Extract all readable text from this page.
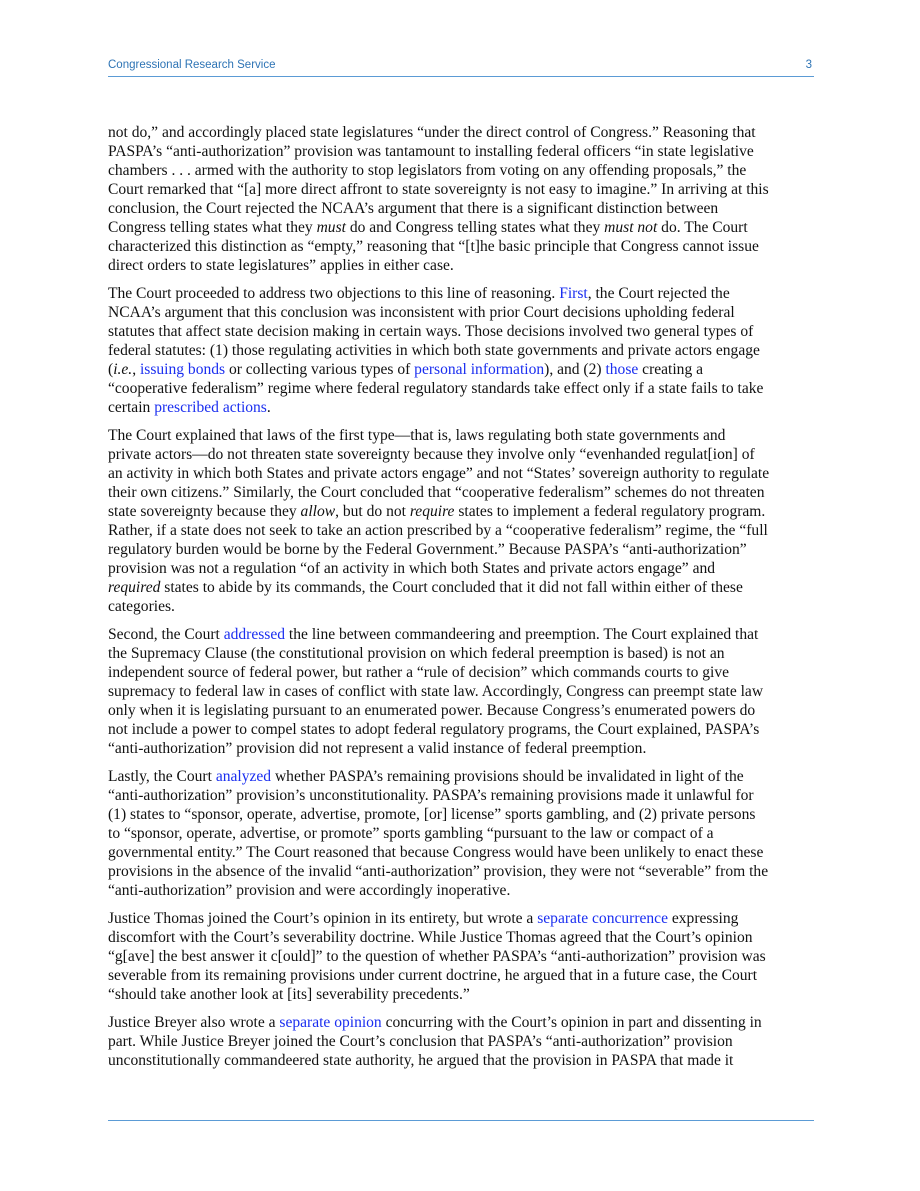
Congressional Research Service	3

not do,” and accordingly placed state legislatures “under the direct control of Congress.” Reasoning that
PASPA’s “anti-authorization” provision was tantamount to installing federal officers “in state legislative
chambers . . . armed with the authority to stop legislators from voting on any offending proposals,” the
Court remarked that “[a] more direct affront to state sovereignty is not easy to imagine.” In arriving at this
conclusion, the Court rejected the NCAA’s argument that there is a significant distinction between
Congress telling states what they must do and Congress telling states what they must not do. The Court
characterized this distinction as “empty,” reasoning that “[t]he basic principle that Congress cannot issue
direct orders to state legislatures” applies in either case.

The Court proceeded to address two objections to this line of reasoning. First, the Court rejected the
NCAA’s argument that this conclusion was inconsistent with prior Court decisions upholding federal
statutes that affect state decision making in certain ways. Those decisions involved two general types of
federal statutes: (1) those regulating activities in which both state governments and private actors engage
(i.e., issuing bonds or collecting various types of personal information), and (2) those creating a
“cooperative federalism” regime where federal regulatory standards take effect only if a state fails to take
certain prescribed actions.

The Court explained that laws of the first type—that is, laws regulating both state governments and
private actors—do not threaten state sovereignty because they involve only “evenhanded regulat[ion] of
an activity in which both States and private actors engage” and not “States’ sovereign authority to regulate
their own citizens.” Similarly, the Court concluded that “cooperative federalism” schemes do not threaten
state sovereignty because they allow, but do not require states to implement a federal regulatory program.
Rather, if a state does not seek to take an action prescribed by a “cooperative federalism” regime, the “full
regulatory burden would be borne by the Federal Government.” Because PASPA’s “anti-authorization”
provision was not a regulation “of an activity in which both States and private actors engage” and
required states to abide by its commands, the Court concluded that it did not fall within either of these
categories.

Second, the Court addressed the line between commandeering and preemption. The Court explained that
the Supremacy Clause (the constitutional provision on which federal preemption is based) is not an
independent source of federal power, but rather a “rule of decision” which commands courts to give
supremacy to federal law in cases of conflict with state law. Accordingly, Congress can preempt state law
only when it is legislating pursuant to an enumerated power. Because Congress’s enumerated powers do
not include a power to compel states to adopt federal regulatory programs, the Court explained, PASPA’s
“anti-authorization” provision did not represent a valid instance of federal preemption.

Lastly, the Court analyzed whether PASPA’s remaining provisions should be invalidated in light of the
“anti-authorization” provision’s unconstitutionality. PASPA’s remaining provisions made it unlawful for
(1) states to “sponsor, operate, advertise, promote, [or] license” sports gambling, and (2) private persons
to “sponsor, operate, advertise, or promote” sports gambling “pursuant to the law or compact of a
governmental entity.” The Court reasoned that because Congress would have been unlikely to enact these
provisions in the absence of the invalid “anti-authorization” provision, they were not “severable” from the
“anti-authorization” provision and were accordingly inoperative.

Justice Thomas joined the Court’s opinion in its entirety, but wrote a separate concurrence expressing
discomfort with the Court’s severability doctrine. While Justice Thomas agreed that the Court’s opinion
“g[ave] the best answer it c[ould]” to the question of whether PASPA’s “anti-authorization” provision was
severable from its remaining provisions under current doctrine, he argued that in a future case, the Court
“should take another look at [its] severability precedents.”

Justice Breyer also wrote a separate opinion concurring with the Court’s opinion in part and dissenting in
part. While Justice Breyer joined the Court’s conclusion that PASPA’s “anti-authorization” provision
unconstitutionally commandeered state authority, he argued that the provision in PASPA that made it
